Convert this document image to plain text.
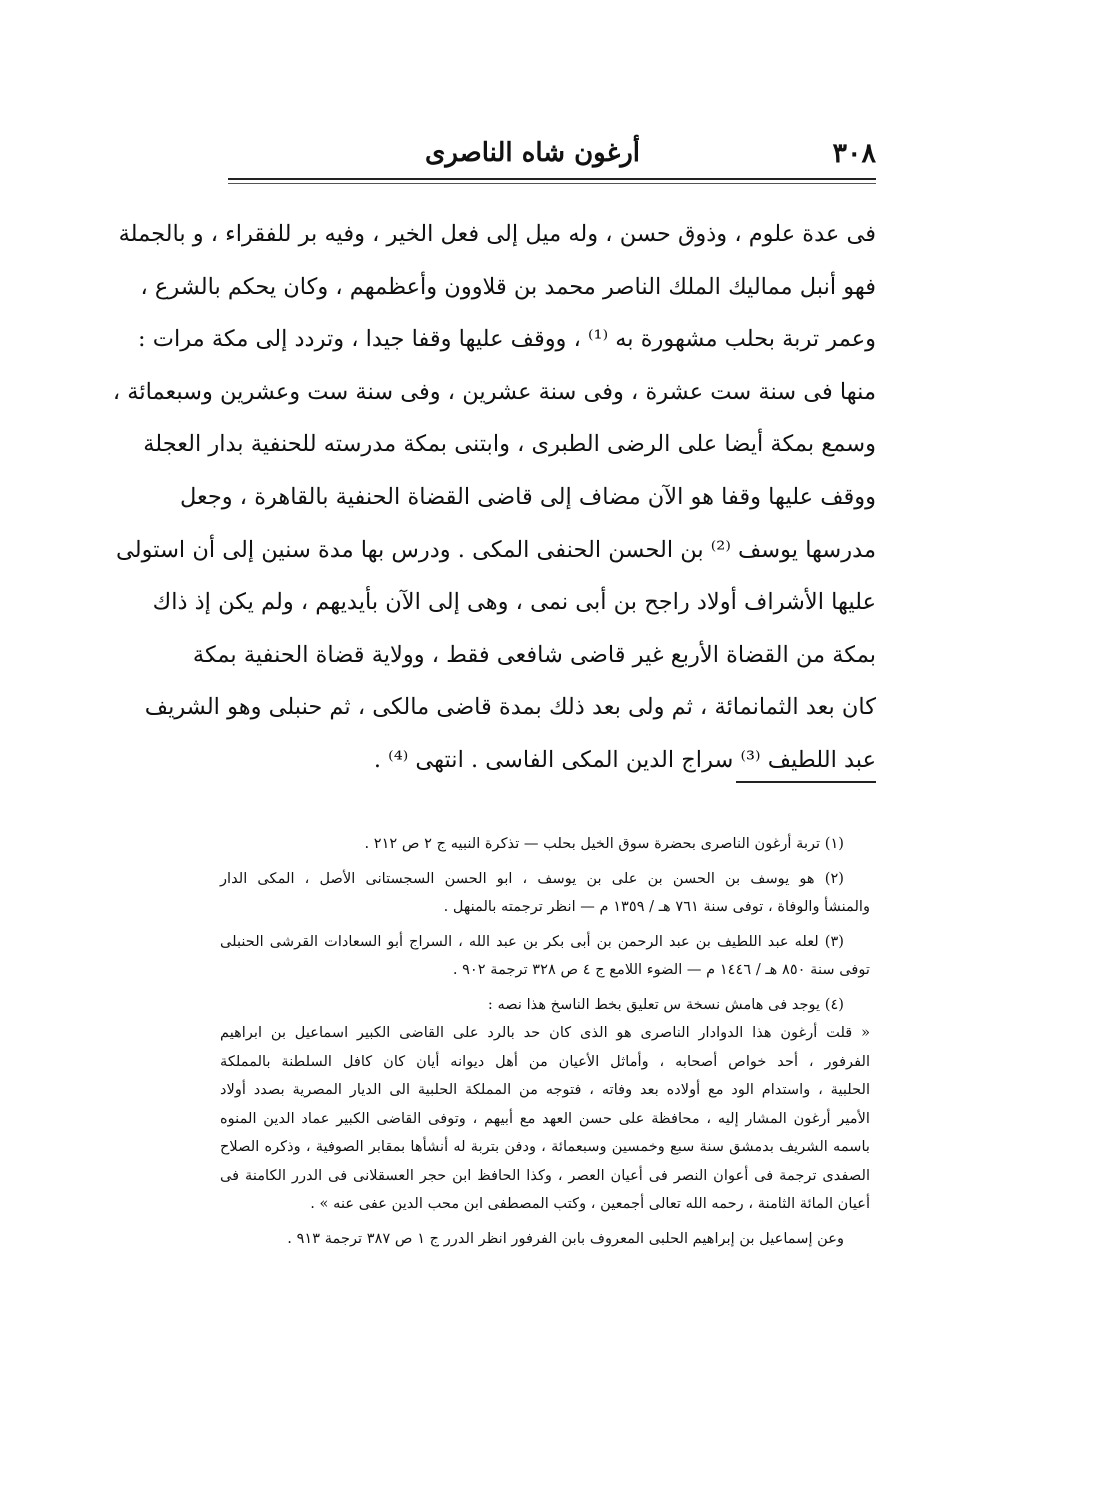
٣٠٨
أرغون شاه الناصرى
فى عدة علوم ، وذوق حسن ، وله ميل إلى فعل الخير ، وفيه بر للفقراء ، و بالجملة
فهو أنبل مماليك الملك الناصر محمد بن قلاوون وأعظمهم ، وكان يحكم بالشرع ،
وعمر تربة بحلب مشهورة به ⁽¹⁾ ، ووقف عليها وقفا جيدا ، وتردد إلى مكة مرات :
منها فى سنة ست عشرة ، وفى سنة عشرين ، وفى سنة ست وعشرين وسبعمائة ،
وسمع بمكة أيضا على الرضى الطبرى ، وابتنى بمكة مدرسته للحنفية بدار العجلة
ووقف عليها وقفا هو الآن مضاف إلى قاضى القضاة الحنفية بالقاهرة ، وجعل
مدرسها يوسف ⁽²⁾ بن الحسن الحنفى المكى . ودرس بها مدة سنين إلى أن استولى
عليها الأشراف أولاد راجح بن أبى نمى ، وهى إلى الآن بأيديهم ، ولم يكن إذ ذاك
بمكة من القضاة الأربع غير قاضى شافعى فقط ، وولاية قضاة الحنفية بمكة
كان بعد الثمانمائة ، ثم ولى بعد ذلك بمدة قاضى مالكى ، ثم حنبلى وهو الشريف
عبد اللطيف ⁽³⁾ سراج الدين المكى الفاسى . انتهى ⁽⁴⁾ .
(١) تربة أرغون الناصرى بحضرة سوق الخيل بحلب — تذكرة النبيه ج ٢ ص ٢١٢ .
(٢) هو يوسف بن الحسن بن على بن يوسف ، ابو الحسن السجستانى الأصل ، المكى الدار
والمنشأ والوفاة ، توفى سنة ٧٦١ هـ / ١٣٥٩ م — انظر ترجمته بالمنهل .
(٣) لعله عبد اللطيف بن عبد الرحمن بن أبى بكر بن عبد الله ، السراج أبو السعادات القرشى الحنبلى
توفى سنة ٨٥٠ هـ / ١٤٤٦ م — الضوء اللامع ج ٤ ص ٣٢٨ ترجمة ٩٠٢ .
(٤) يوجد فى هامش نسخة س تعليق بخط الناسخ هذا نصه :
« قلت أرغون هذا الدوادار الناصرى هو الذى كان حد بالرد على القاضى الكبير اسماعيل بن ابراهيم
الفرفور ، أحد خواص أصحابه ، وأماثل الأعيان من أهل ديوانه أيان كان كافل السلطنة بالمملكة
الحلبية ، واستدام الود مع أولاده بعد وفاته ، فتوجه من المملكة الحلبية الى الديار المصرية بصدد أولاد
الأمير أرغون المشار إليه ، محافظة على حسن العهد مع أبيهم ، وتوفى القاضى الكبير عماد الدين المنوه
باسمه الشريف بدمشق سنة سبع وخمسين وسبعمائة ، ودفن بتربة له أنشأها بمقابر الصوفية ، وذكره الصلاح
الصفدى ترجمة فى أعوان النصر فى أعيان العصر ، وكذا الحافظ ابن حجر العسقلانى فى الدرر الكامنة فى
أعيان المائة الثامنة ، رحمه الله تعالى أجمعين ، وكتب المصطفى ابن محب الدين عفى عنه » .
وعن إسماعيل بن إبراهيم الحلبى المعروف بابن الفرفور انظر الدرر ج ١ ص ٣٨٧ ترجمة ٩١٣ .
